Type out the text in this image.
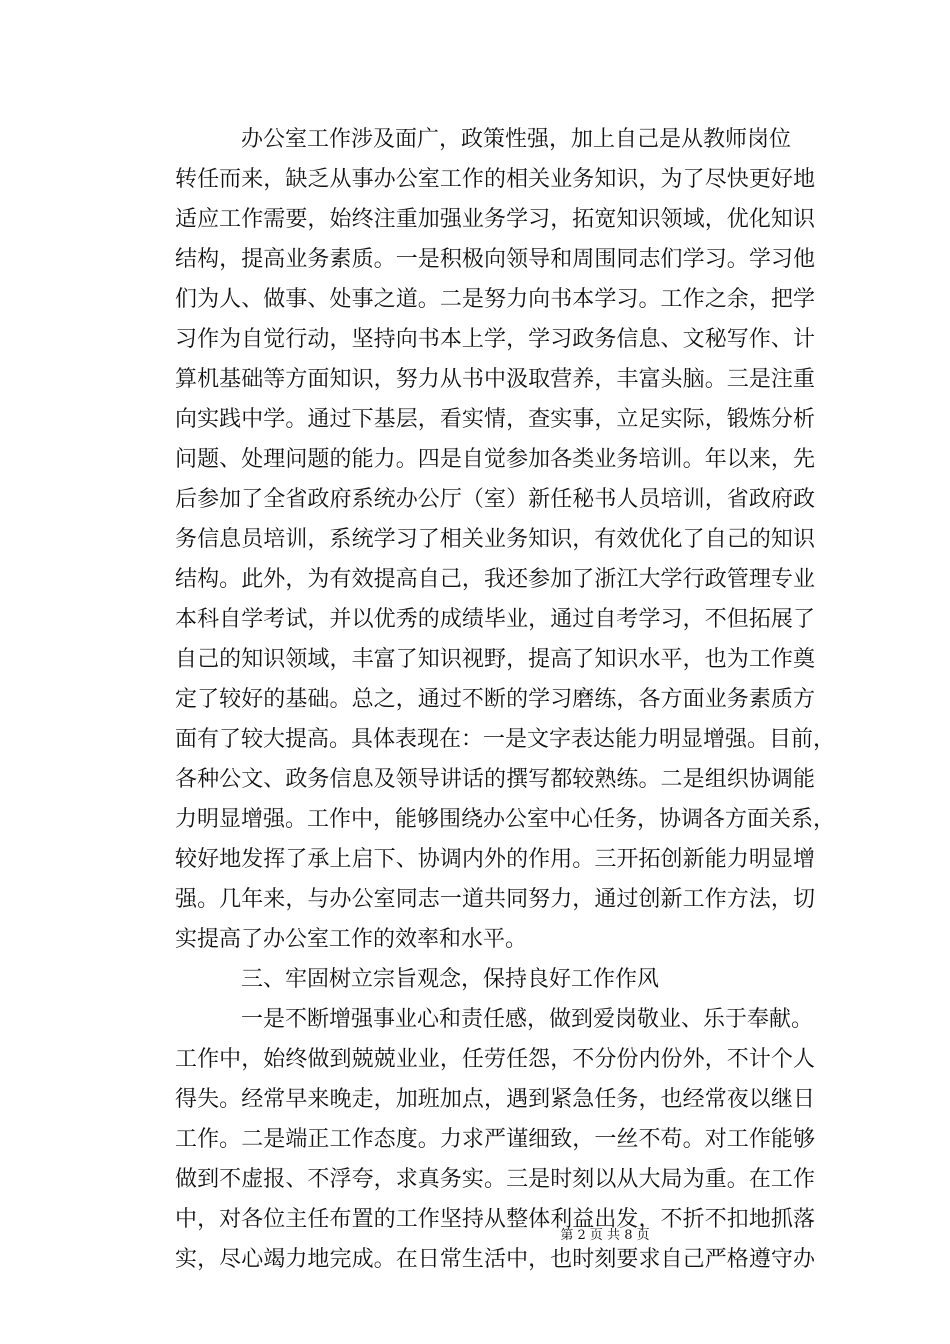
办公室工作涉及面广，政策性强，加上自己是从教师岗位
转任而来，缺乏从事办公室工作的相关业务知识，为了尽快更好地
适应工作需要，始终注重加强业务学习，拓宽知识领域，优化知识
结构，提高业务素质。一是积极向领导和周围同志们学习。学习他
们为人、做事、处事之道。二是努力向书本学习。工作之余，把学
习作为自觉行动，坚持向书本上学，学习政务信息、文秘写作、计
算机基础等方面知识，努力从书中汲取营养，丰富头脑。三是注重
向实践中学。通过下基层，看实情，查实事，立足实际，锻炼分析
问题、处理问题的能力。四是自觉参加各类业务培训。年以来，先
后参加了全省政府系统办公厅（室）新任秘书人员培训，省政府政
务信息员培训，系统学习了相关业务知识，有效优化了自己的知识
结构。此外，为有效提高自己，我还参加了浙江大学行政管理专业
本科自学考试，并以优秀的成绩毕业，通过自考学习，不但拓展了
自己的知识领域，丰富了知识视野，提高了知识水平，也为工作奠
定了较好的基础。总之，通过不断的学习磨练，各方面业务素质方
面有了较大提高。具体表现在：一是文字表达能力明显增强。目前，
各种公文、政务信息及领导讲话的撰写都较熟练。二是组织协调能
力明显增强。工作中，能够围绕办公室中心任务，协调各方面关系，
较好地发挥了承上启下、协调内外的作用。三开拓创新能力明显增
强。几年来，与办公室同志一道共同努力，通过创新工作方法，切
实提高了办公室工作的效率和水平。
三、牢固树立宗旨观念，保持良好工作作风
一是不断增强事业心和责任感，做到爱岗敬业、乐于奉献。
工作中，始终做到兢兢业业，任劳任怨，不分份内份外，不计个人
得失。经常早来晚走，加班加点，遇到紧急任务，也经常夜以继日
工作。二是端正工作态度。力求严谨细致，一丝不苟。对工作能够
做到不虚报、不浮夸，求真务实。三是时刻以从大局为重。在工作
中，对各位主任布置的工作坚持从整体利益出发，不折不扣地抓落
实，尽心竭力地完成。在日常生活中，也时刻要求自己严格遵守办
第 2 页 共 8 页
